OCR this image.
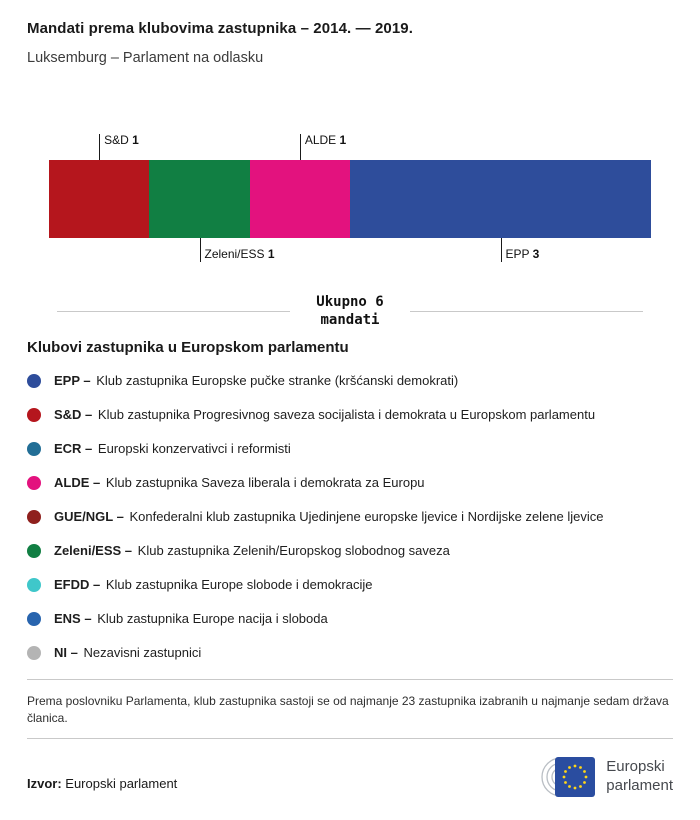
Mandati prema klubovima zastupnika – 2014. — 2019.
Luksemburg – Parlament na odlasku
S&D 1
Zeleni/ESS 1
ALDE 1
EPP 3
Ukupno 6
mandati
Klubovi zastupnika u Europskom parlamentu
EPP – Klub zastupnika Europske pučke stranke (kršćanski demokrati)
S&D – Klub zastupnika Progresivnog saveza socijalista i demokrata u Europskom parlamentu
ECR – Europski konzervativci i reformisti
ALDE – Klub zastupnika Saveza liberala i demokrata za Europu
GUE/NGL – Konfederalni klub zastupnika Ujedinjene europske ljevice i Nordijske zelene ljevice
Zeleni/ESS – Klub zastupnika Zelenih/Europskog slobodnog saveza
EFDD – Klub zastupnika Europe slobode i demokracije
ENS – Klub zastupnika Europe nacija i sloboda
NI – Nezavisni zastupnici

Prema poslovniku Parlamenta, klub zastupnika sastoji se od najmanje 23 zastupnika izabranih u najmanje sedam država članica.

Izvor: Europski parlament
Europski
parlament
